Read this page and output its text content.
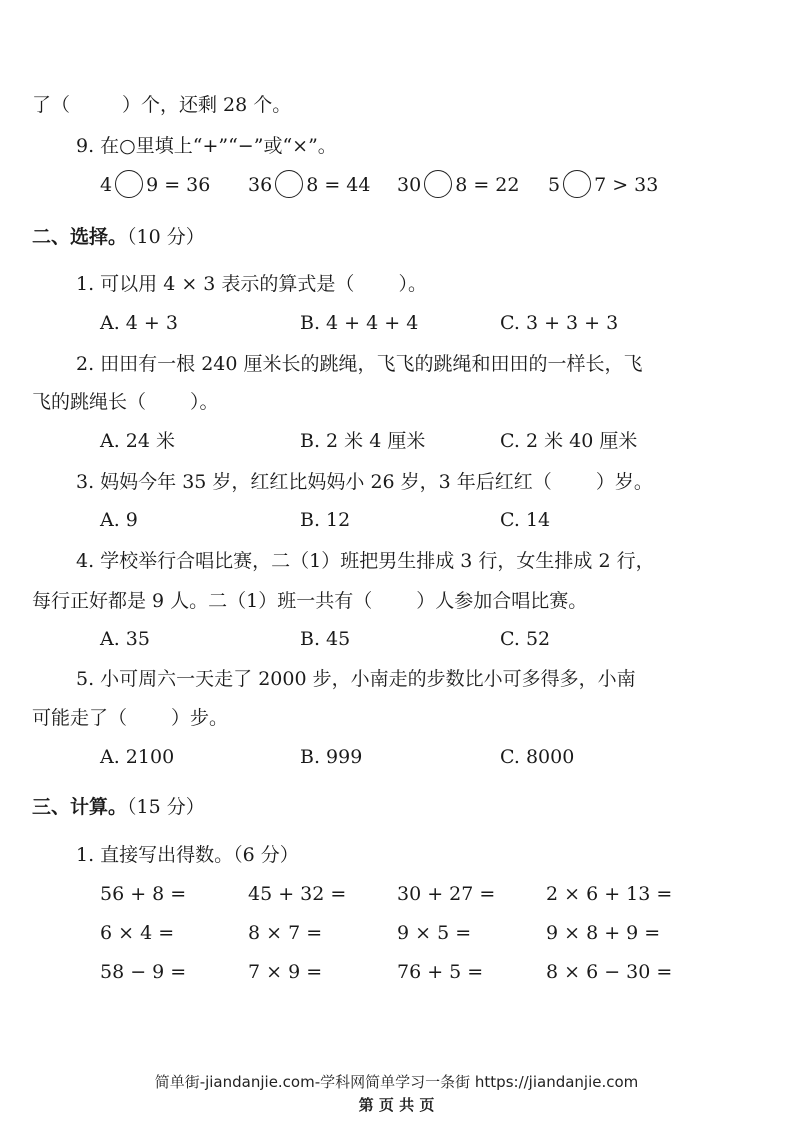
了（	）个，还剩 28 个。
9. 在○里填上“+”“−”或“×”。
4 9 = 36 36 8 = 44 30 8 = 22 5 7 > 33
二、选择。（10 分）
1. 可以用 4 × 3 表示的算式是（ ）。
A. 4 + 3	B. 4 + 4 + 4	C. 3 + 3 + 3
2. 田田有一根 240 厘米长的跳绳，飞飞的跳绳和田田的一样长，飞
飞的跳绳长（ ）。
A. 24 米	B. 2 米 4 厘米	C. 2 米 40 厘米
3. 妈妈今年 35 岁，红红比妈妈小 26 岁，3 年后红红（ ）岁。
A. 9	B. 12	C. 14
4. 学校举行合唱比赛，二（1）班把男生排成 3 行，女生排成 2 行，
每行正好都是 9 人。二（1）班一共有（ ）人参加合唱比赛。
A. 35	B. 45	C. 52
5. 小可周六一天走了 2000 步，小南走的步数比小可多得多，小南
可能走了（ ）步。
A. 2100	B. 999	C. 8000
三、计算。（15 分）
1. 直接写出得数。（6 分）
56 + 8 =	45 + 32 =	30 + 27 =	2 × 6 + 13 =
6 × 4 =	8 × 7 =	9 × 5 =	9 × 8 + 9 =
58 − 9 =	7 × 9 =	76 + 5 =	8 × 6 − 30 =
简单街-jiandanjie.com-学科网简单学习一条街 https://jiandanjie.com
第 页 共 页
